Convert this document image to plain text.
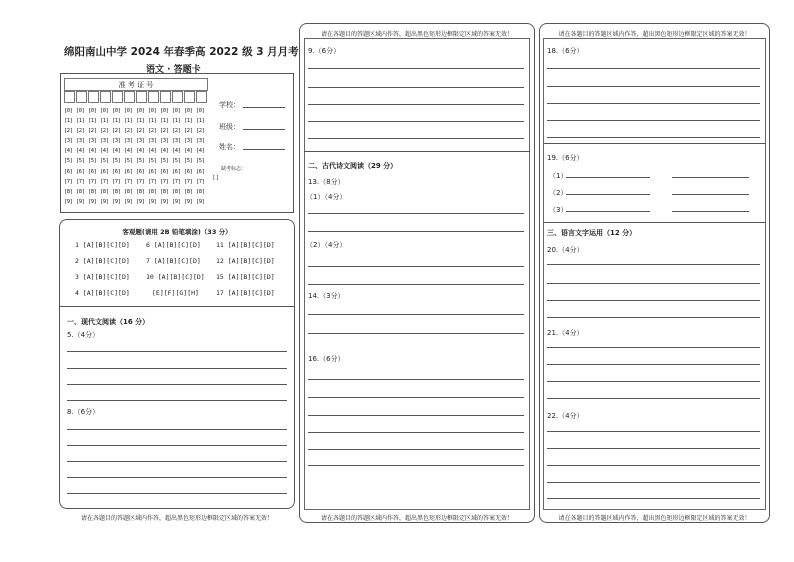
绵阳南山中学 2024 年春季高 2022 级 3 月月考
语文 · 答题卡
准 考 证 号
[0]
[1]
[2]
[3]
[4]
[5]
[6]
[7]
[8]
[9]
[0]
[1]
[2]
[3]
[4]
[5]
[6]
[7]
[8]
[9]
[0]
[1]
[2]
[3]
[4]
[5]
[6]
[7]
[8]
[9]
[0]
[1]
[2]
[3]
[4]
[5]
[6]
[7]
[8]
[9]
[0]
[1]
[2]
[3]
[4]
[5]
[6]
[7]
[8]
[9]
[0]
[1]
[2]
[3]
[4]
[5]
[6]
[7]
[8]
[9]
[0]
[1]
[2]
[3]
[4]
[5]
[6]
[7]
[8]
[9]
[0]
[1]
[2]
[3]
[4]
[5]
[6]
[7]
[8]
[9]
[0]
[1]
[2]
[3]
[4]
[5]
[6]
[7]
[8]
[9]
[0]
[1]
[2]
[3]
[4]
[5]
[6]
[7]
[8]
[9]
[0]
[1]
[2]
[3]
[4]
[5]
[6]
[7]
[8]
[9]
[0]
[1]
[2]
[3]
[4]
[5]
[6]
[7]
[8]
[9]
学校：
班级：
姓名：
缺考标志：
[ ]
客观题(请用 2B 铅笔填涂)（33 分）
1 [A][B][C][D] 6 [A][B][C][D] 11 [A][B][C][D]
2 [A][B][C][D] 7 [A][B][C][D] 12 [A][B][C][D]
3 [A][B][C][D] 10 [A][B][C][D] 15 [A][B][C][D]
4 [A][B][C][D]	[E][F][G][H]	17 [A][B][C][D]
一、现代文阅读（16 分）
5.（4分）
8.（6分）
请在各题目的答题区域内作答，超出黑色矩形边框限定区域的答案无效！
请在各题目的答题区域内作答，超出黑色矩形边框限定区域的答案无效！
9.（6分）
二、古代诗文阅读（29 分）
13.（8分）
（1）（4分）
（2）（4分）
14.（3分）
16.（6分）
请在各题目的答题区域内作答，超出黑色矩形边框限定区域的答案无效！
请在各题目的答题区域内作答，超出黑色矩形边框限定区域的答案无效！
18.（6分）
19.（6分）
（1）
（2）
（3）
三、语言文字运用（12 分）
20.（4分）
21.（4分）
22.（4分）
请在各题目的答题区域内作答，超出黑色矩形边框限定区域的答案无效！
